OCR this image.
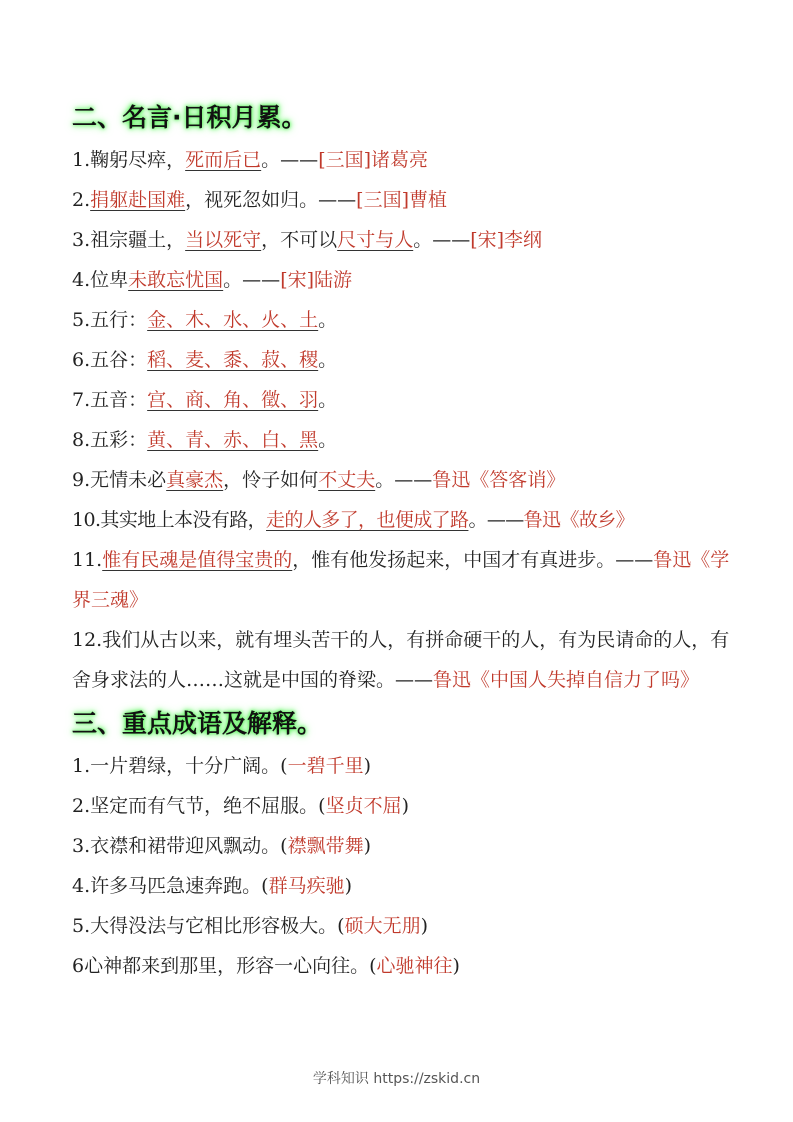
二、名言·日积月累。

1.鞠躬尽瘁，死而后已。——[三国]诸葛亮

2.捐躯赴国难，视死忽如归。——[三国]曹植

3.祖宗疆土，当以死守，不可以尺寸与人。——[宋]李纲

4.位卑未敢忘忧国。——[宋]陆游

5.五行：金、木、水、火、土。

6.五谷：稻、麦、黍、菽、稷。

7.五音：宫、商、角、徵、羽。

8.五彩：黄、青、赤、白、黑。

9.无情未必真豪杰，怜子如何不丈夫。——鲁迅《答客诮》

10.其实地上本没有路，走的人多了，也便成了路。——鲁迅《故乡》

11.惟有民魂是值得宝贵的，惟有他发扬起来，中国才有真进步。——鲁迅《学界三魂》

12.我们从古以来，就有埋头苦干的人，有拼命硬干的人，有为民请命的人，有舍身求法的人……这就是中国的脊梁。——鲁迅《中国人失掉自信力了吗》

三、重点成语及解释。

1.一片碧绿，十分广阔。(一碧千里)

2.坚定而有气节，绝不屈服。(坚贞不屈)

3.衣襟和裙带迎风飘动。(襟飘带舞)

4.许多马匹急速奔跑。(群马疾驰)

5.大得没法与它相比形容极大。(硕大无朋)

6心神都来到那里，形容一心向往。(心驰神往)

学科知识 https://zskid.cn
